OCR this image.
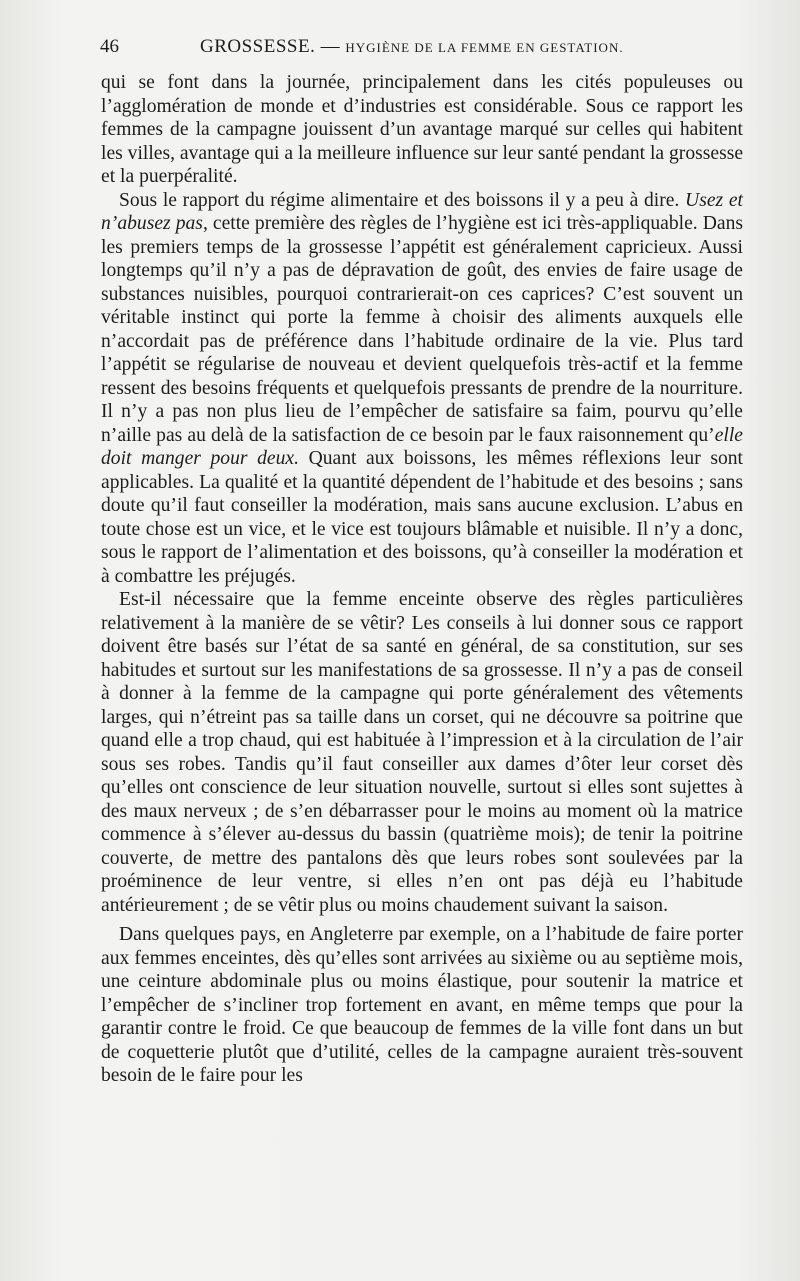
46	GROSSESSE. — HYGIÈNE DE LA FEMME EN GESTATION.

qui se font dans la journée, principalement dans les cités populeuses ou l’agglomération de monde et d’industries est considérable. Sous ce rapport les femmes de la campagne jouissent d’un avantage marqué sur celles qui habitent les villes, avantage qui a la meilleure influence sur leur santé pendant la grossesse et la puerpéralité.

Sous le rapport du régime alimentaire et des boissons il y a peu à dire. Usez et n’abusez pas, cette première des règles de l’hygiène est ici très-appliquable. Dans les premiers temps de la grossesse l’appétit est généralement capricieux. Aussi longtemps qu’il n’y a pas de dépravation de goût, des envies de faire usage de substances nuisibles, pourquoi contrarierait-on ces caprices? C’est souvent un véritable instinct qui porte la femme à choisir des aliments auxquels elle n’accordait pas de préférence dans l’habitude ordinaire de la vie. Plus tard l’appétit se régularise de nouveau et devient quelquefois très-actif et la femme ressent des besoins fréquents et quelquefois pressants de prendre de la nourriture. Il n’y a pas non plus lieu de l’empêcher de satisfaire sa faim, pourvu qu’elle n’aille pas au delà de la satisfaction de ce besoin par le faux raisonnement qu’elle doit manger pour deux. Quant aux boissons, les mêmes réflexions leur sont applicables. La qualité et la quantité dépendent de l’habitude et des besoins ; sans doute qu’il faut conseiller la modération, mais sans aucune exclusion. L’abus en toute chose est un vice, et le vice est toujours blâmable et nuisible. Il n’y a donc, sous le rapport de l’alimentation et des boissons, qu’à conseiller la modération et à combattre les préjugés.

Est-il nécessaire que la femme enceinte observe des règles particulières relativement à la manière de se vêtir? Les conseils à lui donner sous ce rapport doivent être basés sur l’état de sa santé en général, de sa constitution, sur ses habitudes et surtout sur les manifestations de sa grossesse. Il n’y a pas de conseil à donner à la femme de la campagne qui porte généralement des vêtements larges, qui n’étreint pas sa taille dans un corset, qui ne découvre sa poitrine que quand elle a trop chaud, qui est habituée à l’impression et à la circulation de l’air sous ses robes. Tandis qu’il faut conseiller aux dames d’ôter leur corset dès qu’elles ont conscience de leur situation nouvelle, surtout si elles sont sujettes à des maux nerveux ; de s’en débarrasser pour le moins au moment où la matrice commence à s’élever au-dessus du bassin (quatrième mois); de tenir la poitrine couverte, de mettre des pantalons dès que leurs robes sont soulevées par la proéminence de leur ventre, si elles n’en ont pas déjà eu l’habitude antérieurement ; de se vêtir plus ou moins chaudement suivant la saison.

Dans quelques pays, en Angleterre par exemple, on a l’habitude de faire porter aux femmes enceintes, dès qu’elles sont arrivées au sixième ou au septième mois, une ceinture abdominale plus ou moins élastique, pour soutenir la matrice et l’empêcher de s’incliner trop fortement en avant, en même temps que pour la garantir contre le froid. Ce que beaucoup de femmes de la ville font dans un but de coquetterie plutôt que d’utilité, celles de la campagne auraient très-souvent besoin de le faire pour les
